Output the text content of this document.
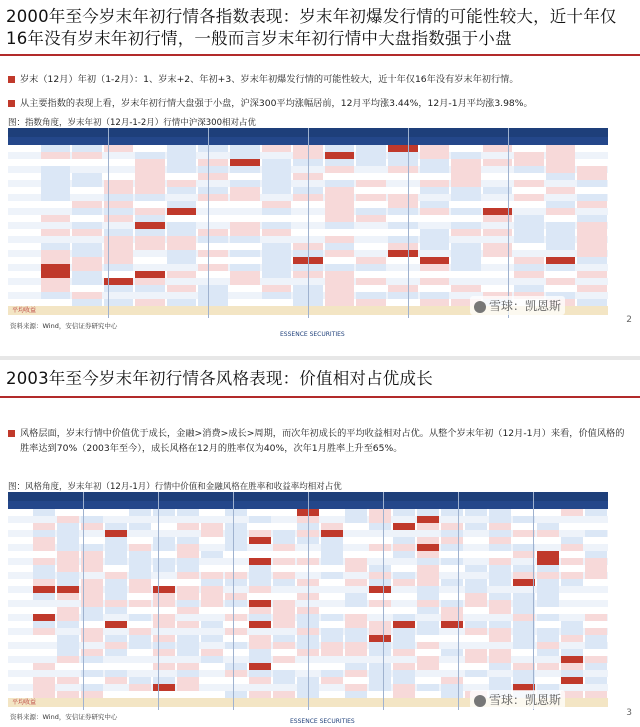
2000年至今岁末年初行情各指数表现：岁末年初爆发行情的可能性较大，近十年仅16年没有岁末年初行情，一般而言岁末年初行情中大盘指数强于小盘
岁末（12月）年初（1-2月）：1、岁末+2、年初+3、岁末年初爆发行情的可能性较大，近十年仅16年没有岁末年初行情。
从主要指数的表现上看，岁末年初行情大盘强于小盘，沪深300平均涨幅居前，12月平均涨3.44%，12月-1月平均涨3.98%。
图：指数角度，岁末年初（12月-1-2月）行情中沪深300相对占优
平均收益
资料来源：Wind，安信证券研究中心
ESSENCE SECURITIES
2
雪球：凯恩斯
2003年至今岁末年初行情各风格表现：价值相对占优成长
风格层面，岁末行情中价值优于成长，金融>消费>成长>周期，而次年初成长的平均收益相对占优。从整个岁末年初（12月-1月）来看，价值风格的胜率达到70%（2003年至今），成长风格在12月的胜率仅为40%，次年1月胜率上升至65%。
图：风格角度，岁末年初（12月-1月）行情中价值和金融风格在胜率和收益率均相对占优
平均收益
资料来源：Wind，安信证券研究中心
ESSENCE SECURITIES
3
雪球：凯恩斯
